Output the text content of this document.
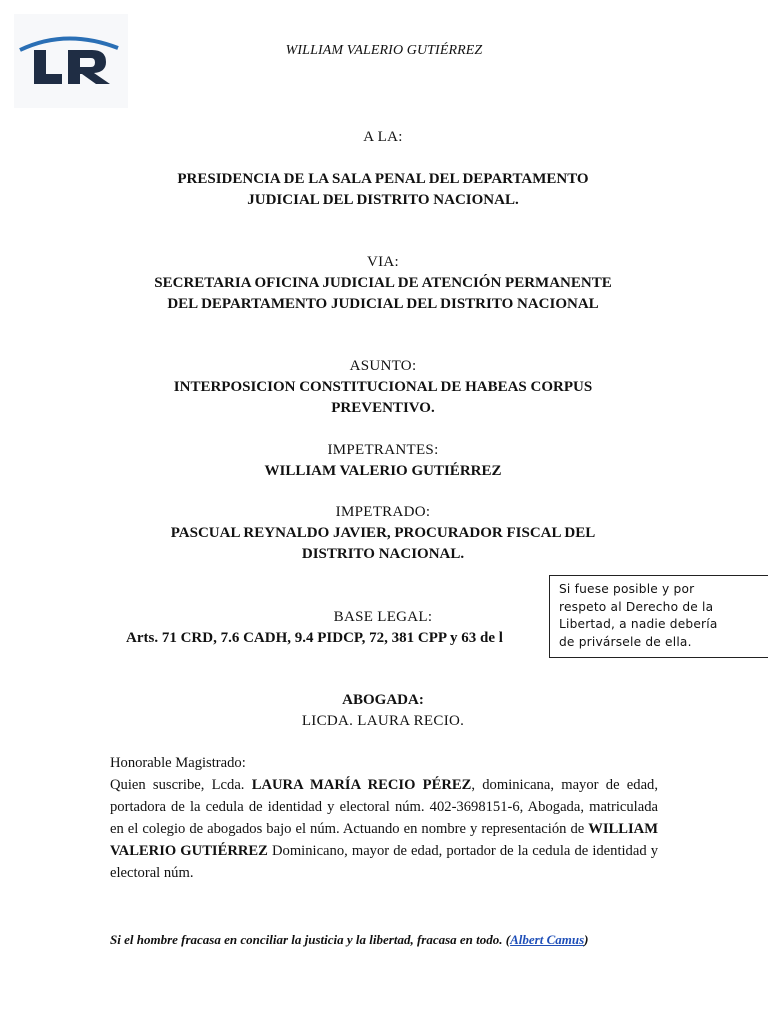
WILLIAM VALERIO GUTIÉRREZ
A LA:
PRESIDENCIA DE LA SALA PENAL DEL DEPARTAMENTO
JUDICIAL DEL DISTRITO NACIONAL.
VIA:
SECRETARIA OFICINA JUDICIAL DE ATENCIÓN PERMANENTE
DEL DEPARTAMENTO JUDICIAL DEL DISTRITO NACIONAL
ASUNTO:
INTERPOSICION CONSTITUCIONAL DE HABEAS CORPUS
PREVENTIVO.
IMPETRANTES:
WILLIAM VALERIO GUTIÉRREZ
IMPETRADO:
PASCUAL REYNALDO JAVIER, PROCURADOR FISCAL DEL
DISTRITO NACIONAL.
BASE LEGAL:
Arts. 71 CRD, 7.6 CADH, 9.4 PIDCP, 72, 381 CPP y 63 de l
Si fuese posible y por
respeto al Derecho de la
Libertad, a nadie debería
de privársele de ella.
ABOGADA:
LICDA. LAURA RECIO.

Honorable Magistrado:

Quien suscribe, Lcda. LAURA MARÍA RECIO PÉREZ, dominicana, mayor de edad, portadora de la cedula de identidad y electoral núm. 402-3698151-6, Abogada, matriculada en el colegio de abogados bajo el núm. Actuando en nombre y representación de WILLIAM VALERIO GUTIÉRREZ Dominicano, mayor de edad, portador de la cedula de identidad y electoral núm.

Si el hombre fracasa en conciliar la justicia y la libertad, fracasa en todo. (Albert Camus)
